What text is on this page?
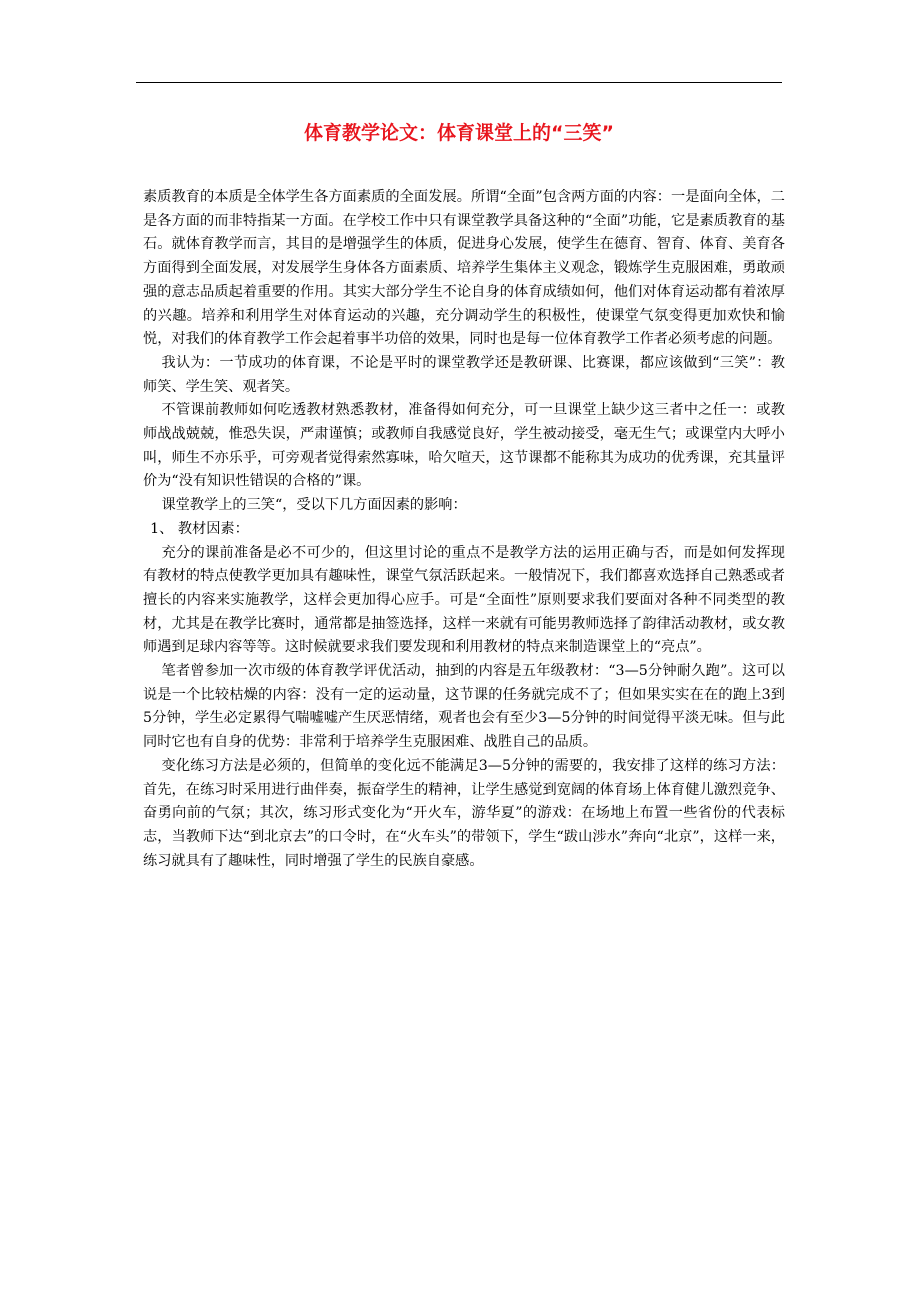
体育教学论文：体育课堂上的“三笑”

素质教育的本质是全体学生各方面素质的全面发展。所谓“全面”包含两方面的内容：一是面向全体，二是各方面的而非特指某一方面。在学校工作中只有课堂教学具备这种的“全面”功能，它是素质教育的基石。就体育教学而言，其目的是增强学生的体质，促进身心发展，使学生在德育、智育、体育、美育各方面得到全面发展，对发展学生身体各方面素质、培养学生集体主义观念，锻炼学生克服困难，勇敢顽强的意志品质起着重要的作用。其实大部分学生不论自身的体育成绩如何，他们对体育运动都有着浓厚的兴趣。培养和利用学生对体育运动的兴趣，充分调动学生的积极性，使课堂气氛变得更加欢快和愉悦，对我们的体育教学工作会起着事半功倍的效果，同时也是每一位体育教学工作者必须考虑的问题。

我认为：一节成功的体育课，不论是平时的课堂教学还是教研课、比赛课，都应该做到“三笑”：教师笑、学生笑、观者笑。

不管课前教师如何吃透教材熟悉教材，准备得如何充分，可一旦课堂上缺少这三者中之任一：或教师战战兢兢，惟恐失误，严肃谨慎；或教师自我感觉良好，学生被动接受，毫无生气；或课堂内大呼小叫，师生不亦乐乎，可旁观者觉得索然寡味，哈欠喧天，这节课都不能称其为成功的优秀课，充其量评价为“没有知识性错误的合格的”课。

课堂教学上的三笑“，受以下几方面因素的影响：

1、 教材因素：

充分的课前准备是必不可少的，但这里讨论的重点不是教学方法的运用正确与否，而是如何发挥现有教材的特点使教学更加具有趣味性，课堂气氛活跃起来。一般情况下，我们都喜欢选择自己熟悉或者擅长的内容来实施教学，这样会更加得心应手。可是“全面性”原则要求我们要面对各种不同类型的教材，尤其是在教学比赛时，通常都是抽签选择，这样一来就有可能男教师选择了韵律活动教材，或女教师遇到足球内容等等。这时候就要求我们要发现和利用教材的特点来制造课堂上的“亮点”。

笔者曾参加一次市级的体育教学评优活动，抽到的内容是五年级教材：“3—5分钟耐久跑”。这可以说是一个比较枯燥的内容：没有一定的运动量，这节课的任务就完成不了；但如果实实在在的跑上3到5分钟，学生必定累得气喘嘘嘘产生厌恶情绪，观者也会有至少3—5分钟的时间觉得平淡无味。但与此同时它也有自身的优势：非常利于培养学生克服困难、战胜自己的品质。

变化练习方法是必须的，但简单的变化远不能满足3—5分钟的需要的，我安排了这样的练习方法：首先，在练习时采用进行曲伴奏，振奋学生的精神，让学生感觉到宽阔的体育场上体育健儿激烈竞争、奋勇向前的气氛；其次，练习形式变化为“开火车，游华夏”的游戏：在场地上布置一些省份的代表标志，当教师下达“到北京去”的口令时，在“火车头”的带领下，学生“跋山涉水”奔向“北京”，这样一来，练习就具有了趣味性，同时增强了学生的民族自豪感。
